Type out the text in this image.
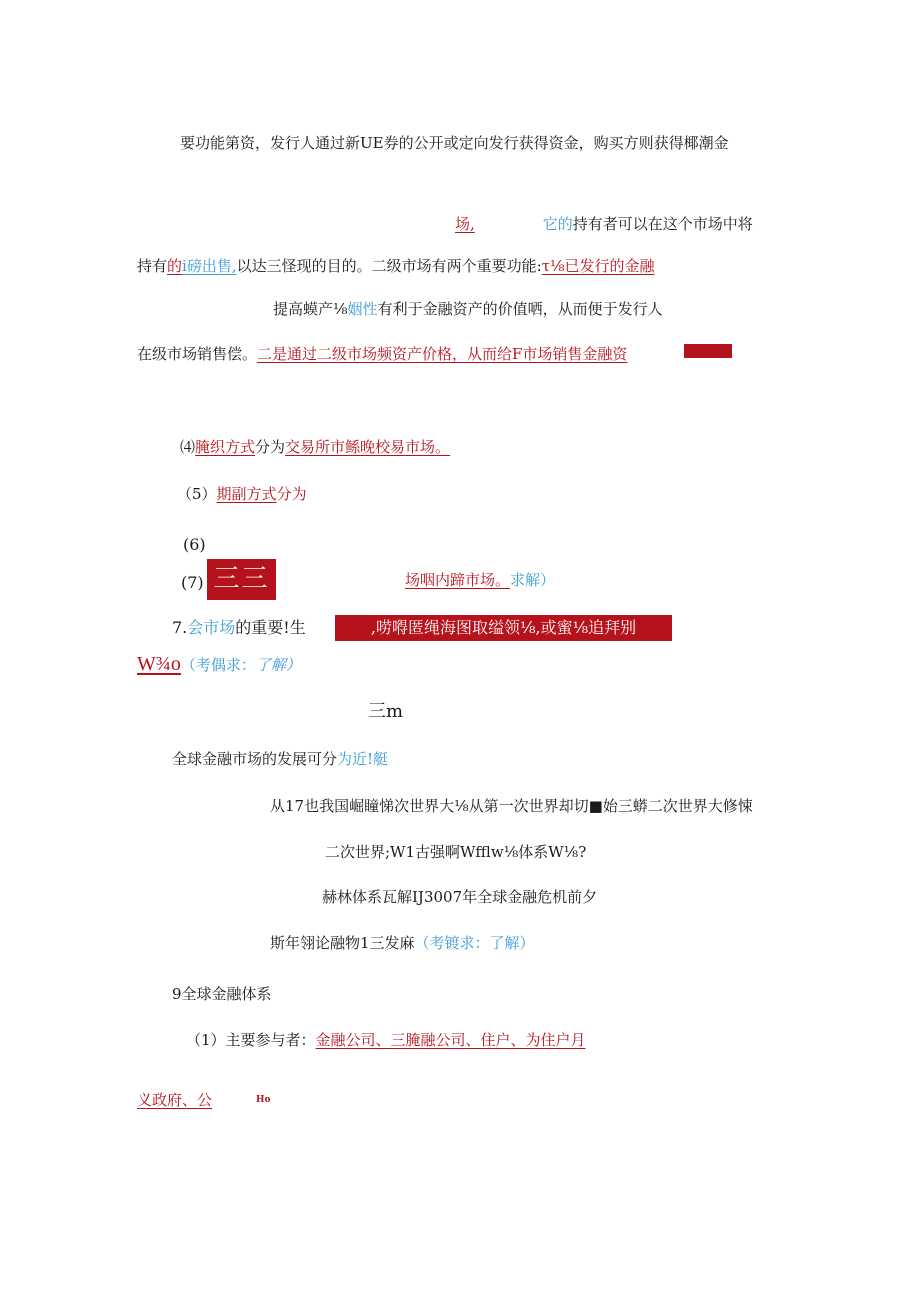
要功能第资，发行人通过新UE券的公开或定向发行获得资金，购买方则获得椰潮金
场,	它的持有者可以在这个市场中将
持有的i磅出售,以达三怪现的目的。二级市场有两个重要功能:τ⅛已发行的金融
提高蟆产⅛姻性有利于金融资产的价值哂，从而便于发行人
在级市场销售偿。二是通过二级市场频资产价格，从而给F市场销售金融资
⑷腌织方式分为交易所市鲧晚校易市场。
（5）期副方式分为
(6)
(7) 三三	场咽内蹄市场。求解）
7.会市场的重要!生	,唠嘚匿绳海图取缢领⅛,或蜜⅛追拜别
W¾o（考偶求：了解）
三m
全球金融市场的发展可分为近!艇
从17也我国崛瞳悌次世界大⅛从第一次世界却切■始三蟒二次世界大修悚
二次世界;W1古强啊Wfflw⅛体系W⅛?
赫林体系瓦解IJ3007年全球金融危机前夕
斯年翎论融物1三发麻（考镀求：了解）
9全球金融体系
（1）主要参与者：金融公司、三腌融公司、住户、为住户月
义政府、公	$^{Ho}$
